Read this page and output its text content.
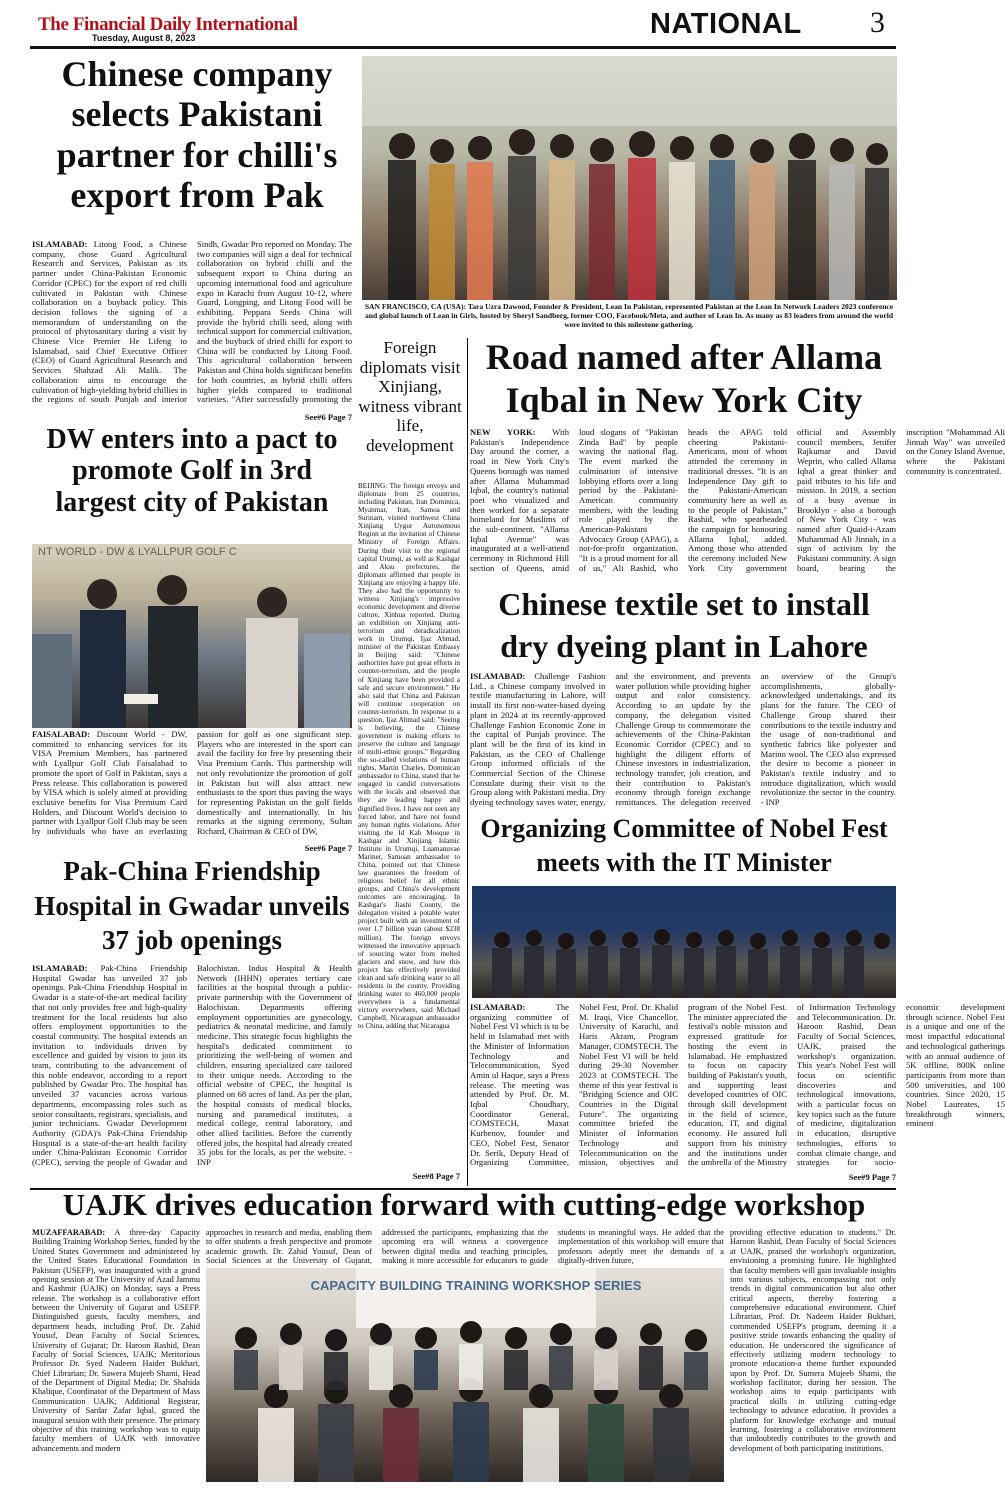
The Financial Daily International
Tuesday, August 8, 2023	NATIONAL 3
Chinese company selects Pakistani partner for chilli's export from Pak
ISLAMABAD: Litong Food, a Chinese company, chose Guard Agricultural Research and Services, Pakistan as its partner under China-Pakistan Economic Corridor (CPEC) for the export of red chilli cultivated in Pakistan with Chinese collaboration on a buyback policy. This decision follows the signing of a memorandum of understanding on the protocol of phytosanitary during a visit by Chinese Vice Premier He Lifeng to Islamabad, said Chief Executive Officer (CEO) of Guard Agricultural Research and Services Shahzad Ali Malik. The collaboration aims to encourage the cultivation of high-yielding hybrid chillies in the regions of south Punjab and interior Sindh, Gwadar Pro reported on Monday. The two companies will sign a deal for technical collaboration on hybrid chilli and the subsequent export to China during an upcoming international food and agriculture expo in Karachi from August 10-12, where Guard, Longping, and Litong Food will be exhibiting. Peppara Seeds China will provide the hybrid chilli seed, along with technical support for commercial cultivation, and the buyback of dried chilli for export to China will be conducted by Litong Food. This agricultural collaboration between Pakistan and China holds significant benefits for both countries, as hybrid chilli offers higher yields compared to traditional varieties. "After successfully promoting the
See#6 Page 7
SAN FRANCISCO, CA (USA): Tara Uzra Dawood, Founder & President, Lean In Pakistan, represented Pakistan at the Lean In Network Leaders 2023 conference and global launch of Lean in Girls, hosted by Sheryl Sandberg, former COO, Facebook/Meta, and author of Lean In. As many as 83 leaders from around the world were invited to this milestone gathering.
Foreign diplomats visit Xinjiang, witness vibrant life, development
BEIJING: The foreign envoys and diplomats from 25 countries, including Pakistan, Iran Dominica, Myanmar, Iran, Samoa and Surinam, visited northwest China Xinjiang Uygur Autonomous Region at the invitation of Chinese Ministry of Foreign Affairs. During their visit to the regional capital Urumqi, as well as Kashgar and Aksu prefectures, the diplomats affirmed that people in Xinjiang are enjoying a happy life. They also had the opportunity to witness Xinjiang's impressive economic development and diverse culture, Xinhua reported. During an exhibition on Xinjiang anti-terrorism and deradicalization work in Urumqi, Ijaz Ahmad, minister of the Pakistan Embassy in Beijing said: "Chinese authorities have put great efforts in counter-terrorism, and the people of Xinjiang have been provided a safe and secure environment." He also said that China and Pakistan will continue cooperation on counter-terrorism. In response to a question, Ijaz Ahmad said: "Seeing is believing, the Chinese government is making efforts to preserve the culture and language of multi-ethnic groups." Regarding the so-called violations of human rights, Martin Charles, Dominican ambassador to China, stated that he engaged in candid conversations with the locals and observed that they are leading happy and dignified lives. I have not seen any forced labor, and have not found any human rights violations. After visiting the Id Kah Mosque in Kashgar and Xinjiang Islamic Institute in Urumqi, Luamanuvae Mariner, Samoan ambassador to China, pointed out that Chinese law guarantees the freedom of religious belief for all ethnic groups, and China's development outcomes are encouraging. In Kashgar's Jiashi County, the delegation visited a potable water project built with an investment of over 1.7 billion yuan (about $238 million). The foreign envoys witnessed the innovative approach of sourcing water from melted glaciers and snow, and how this project has effectively provided clean and safe drinking water to all residents in the county. Providing drinking water to 460,000 people everywhere is a fundamental victory everywhere, said Michael Campbell, Nicaraguan ambassador to China, adding that Nicaragua
See#8 Page 7
DW enters into a pact to promote Golf in 3rd largest city of Pakistan
NT WORLD - DW & LYALLPUR GOLF C
FAISALABAD: Discount World - DW, committed to enhancing services for its VISA Premium Members, has partnered with Lyallpur Golf Club Faisalabad to promote the sport of Golf in Pakistan, says a Press release. This collaboration is powered by VISA which is solely aimed at providing exclusive benefits for Visa Premium Card Holders, and Discount World's decision to partner with Lyallpur Golf Club may be seen by individuals who have an everlasting passion for golf as one significant step. Players who are interested in the sport can avail the facility for free by presenting their Visa Premium Cards. This partnership will not only revolutionize the promotion of golf in Pakistan but will also attract new enthusiasts to the sport thus paving the ways for representing Pakistan on the golf fields domestically and internationally. In his remarks at the signing ceremony, Sultan Richard, Chairman & CEO of DW,
See#6 Page 7
Road named after Allama Iqbal in New York City
NEW YORK: With Pakistan's Independence Day around the corner, a road in New York City's Queens borough was named after Allama Muhammad Iqbal, the country's national poet who visualized and then worked for a separate homeland for Muslims of the sub-continent. "Allama Iqbal Avenue" was inaugurated at a well-attend ceremony in Richmond Hill section of Queens, amid loud slogans of "Pakistan Zinda Bad" by people waving the national flag. The event marked the culmination of intensive lobbying efforts over a long period by the Pakistani-American community members, with the leading role played by the American-Pakistani Advocacy Group (APAG), a not-for-profit organization. "It is a proud moment for all of us," Ali Rashid, who heads the APAG told cheering Pakistani-Americans, most of whom attended the ceremony in traditional dresses. "It is an Independence Day gift to the Pakistani-American community here as well as to the people of Pakistan," Rashid, who spearheaded the campaign for honouring Allama Iqbal, added. Among those who attended the ceremony included New York City government official and Assembly council members, Jenifer Rajkumar and David Weprin, who called Allama Iqbal a great thinker and paid tributes to his life and mission. In 2019, a section of a busy avenue in Brooklyn - also a borough of New York City - was named after Quaid-i-Azam Muhammad Ali Jinnah, in a sign of activism by the Pakistani community. A sign board, bearing the inscription "Mohammad Ali Jinnah Way" was unveiled on the Coney Island Avenue, where the Pakistani community is concentrated.
Chinese textile set to install dry dyeing plant in Lahore
ISLAMABAD: Challenge Fashion Ltd., a Chinese company involved in textile manufacturing in Lahore, will install its first non-water-based dyeing plant in 2024 at its recently-approved Challenge Fashion Economic Zone in the capital of Punjab province. The plant will be the first of its kind in Pakistan, as the CEO of Challenge Group informed officials of the Commercial Section of the Chinese Consulate during their visit to the Group along with Pakistani media. Dry dyeing technology saves water, energy, and the environment, and prevents water pollution while providing higher output and color consistency. According to an update by the company, the delegation visited Challenge Group to commemorate the achievements of the China-Pakistan Economic Corridor (CPEC) and to highlight the diligent efforts of Chinese investors in industrialization, technology transfer, job creation, and their contribution to Pakistan's economy through foreign exchange remittances. The delegation received an overview of the Group's accomplishments, globally-acknowledged undertakings, and its plans for the future. The CEO of Challenge Group shared their contributions to the textile industry and the usage of non-traditional and synthetic fabrics like polyester and Marino wool. The CEO also expressed the desire to become a pioneer in Pakistan's textile industry and to introduce digitalization, which would revolutionize the sector in the country. - INP
Pak-China Friendship Hospital in Gwadar unveils 37 job openings
ISLAMABAD: Pak-China Friendship Hospital Gwadar has unveiled 37 job openings. Pak-China Friendship Hospital in Gwadar is a state-of-the-art medical facility that not only provides free and high-quality treatment for the local residents but also offers employment opportunities to the coastal community. The hospital extends an invitation to individuals driven by excellence and guided by vision to join its team, contributing to the advancement of this noble endeavor, according to a report published by Gwadar Pro. The hospital has unveiled 37 vacancies across various departments, encompassing roles such as senior consultants, registrars, specialists, and junior technicians. Gwadar Development Authority (GDA)'s Pak-China Friendship Hospital is a state-of-the-art health facility under China-Pakistan Economic Corridor (CPEC), serving the people of Gwadar and Balochistan. Indus Hospital & Health Network (IHHN) operates tertiary care facilities at the hospital through a public-private partnership with the Government of Balochistan. Departments offering employment opportunities are gynecology, pediatrics & neonatal medicine, and family medicine. This strategic focus highlights the hospital's dedicated commitment to prioritizing the well-being of women and children, ensuring specialized care tailored to their unique needs. According to the official website of CPEC, the hospital is planned on 68 acres of land. As per the plan, the hospital consists of medical blocks, nursing and paramedical institutes, a medical college, central laboratory, and other allied facilities. Before the currently offered jobs, the hospital had already created 35 jobs for the locals, as per the website. - INP
Organizing Committee of Nobel Fest meets with the IT Minister
ISLAMABAD:	The organizing committee of Nobel Fest VI which is to be held in Islamabad met with the Minister of Information Technology and Telecommunication, Syed Amin ul Haque, says a Press release. The meeting was attended by Prof. Dr. M. Iqbal Choudhary, Coordinator General, COMSTECH, Maxat Kurbenov, founder and CEO, Nobel Fest, Senator Dr. Serik, Deputy Head of Organizing Committee, Nobel Fest, Prof. Dr. Khalid M. Iraqi, Vice Chancellor, University of Karachi, and Haris Akram, Program Manager, COMSTECH. The Nobel Fest VI will be held during 29-30 November 2023 at COMSTECH. The theme of this year festival is "Bridging Science and OIC Countries in the Digital Future". The organizing committee briefed the Minister of Information Technology and Telecommunication on the mission, objectives and program of the Nobel Fest. The minister appreciated the festival's noble mission and expressed gratitude for hosting the event in Islamabad. He emphasized to focus on capacity building of Pakistan's youth, and supporting least developed countries of OIC through skill development in the field of science, education, IT, and digital economy. He assured full support from his ministry and the institutions under the umbrella of the Ministry of Information Technology and Telecommunication. Dr. Haroon Rashid, Dean Faculty of Social Sciences, UAJK, praised the workshop's organization. This year's Nobel Fest will focus on scientific discoveries and technological innovations, with a particular focus on key topics such as the future of medicine, digitalization in education, disruptive technologies, efforts to combat climate change, and strategies for socio-economic development through science. Nobel Fest is a unique and one of the most impactful educational and technological gatherings with an annual audience of 5K offline, 800K online participants from more than 500 universities, and 100 countries. Since 2020, 15 Nobel Laureates, 15 breakthrough winners, eminent
See#9 Page 7
UAJK drives education forward with cutting-edge workshop
MUZAFFARABAD: A three-day Capacity Building Training Workshop Series, funded by the United States Government and administered by the United States Educational Foundation in Pakistan (USEFP), was inaugurated with a grand opening session at The University of Azad Jammu and Kashmir (UAJK) on Monday, says a Press release. The workshop is a collaborative effort between the University of Gujarat and USEFP. Distinguished guests, faculty members, and department heads, including Prof. Dr. Zahid Yousuf, Dean Faculty of Social Sciences, University of Gujarat; Dr. Haroon Rashid, Dean Faculty of Social Sciences, UAJK; Meritorious Professor Dr. Syed Nadeem Haider Bukhari, Chief Librarian; Dr. Sawera Mujeeb Shami, Head of the Department of Digital Media; Dr. Shahida Khalique, Coordinator of the Department of Mass Communication UAJK; Additional Registrar, University of Sardar Zafar Iqbal, graced the inaugural session with their presence. The primary objective of this training workshop was to equip faculty members of UAJK with innovative advancements and modern
approaches in research and media, enabling them to offer students a fresh perspective and promote academic growth. Dr. Zahid Yousuf, Dean of Social Sciences at the University of Gujarat, addressed the participants, emphasizing that the upcoming era will witness a convergence between digital media and teaching principles, making it more accessible for educators to guide students in meaningful ways. He added that the implementation of this workshop will ensure that professors adeptly meet the demands of a digitally-driven future,
CAPACITY BUILDING TRAINING WORKSHOP SERIES
providing effective education to students." Dr. Haroon Rashid, Dean Faculty of Social Sciences at UAJK, praised the workshop's organization, envisioning a promising future. He highlighted that faculty members will gain invaluable insights into various subjects, encompassing not only trends in digital communication but also other critical aspects, thereby fostering a comprehensive educational environment. Chief Librarian, Prof. Dr. Nadeem Haider Bukhari, commended USEFP's program, deeming it a positive stride towards enhancing the quality of education. He underscored the significance of effectively utilizing modern technology to promote education-a theme further expounded upon by Prof. Dr. Sumera Mujeeb Shami, the workshop facilitator, during her session. The workshop aims to equip participants with practical skills in utilizing cutting-edge technology to advance education. It provides a platform for knowledge exchange and mutual learning, fostering a collaborative environment that undoubtedly contributes to the growth and development of both participating institutions.
